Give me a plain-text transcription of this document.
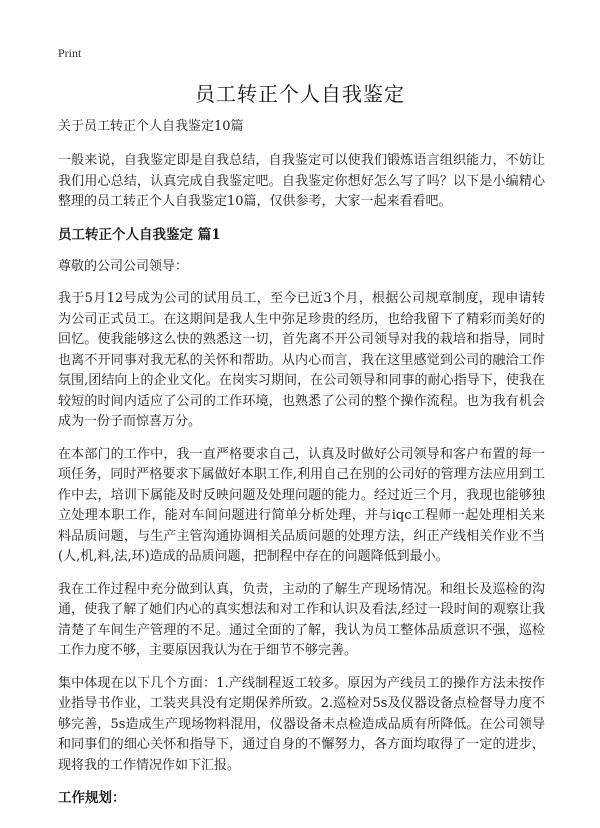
Print
员工转正个人自我鉴定
关于员工转正个人自我鉴定10篇

一般来说，自我鉴定即是自我总结，自我鉴定可以使我们锻炼语言组织能力，不妨让我们用心总结，认真完成自我鉴定吧。自我鉴定你想好怎么写了吗？以下是小编精心整理的员工转正个人自我鉴定10篇，仅供参考，大家一起来看看吧。

员工转正个人自我鉴定 篇1

尊敬的公司公司领导：

我于5月12号成为公司的试用员工，至今已近3个月，根据公司规章制度，现申请转为公司正式员工。在这期间是我人生中弥足珍贵的经历，也给我留下了精彩而美好的回忆。使我能够这么快的熟悉这一切，首先离不开公司领导对我的栽培和指导，同时也离不开同事对我无私的关怀和帮助。从内心而言，我在这里感觉到公司的融洽工作氛围,团结向上的企业文化。在岗实习期间，在公司领导和同事的耐心指导下，使我在较短的时间内适应了公司的工作环境，也熟悉了公司的整个操作流程。也为我有机会成为一份子而惊喜万分。

在本部门的工作中，我一直严格要求自己，认真及时做好公司领导和客户布置的每一项任务，同时严格要求下属做好本职工作,利用自己在别的公司好的管理方法应用到工作中去，培训下属能及时反映问题及处理问题的能力。经过近三个月，我现也能够独立处理本职工作，能对车间问题进行简单分析处理，并与iqc工程师一起处理相关来料品质问题，与生产主管沟通协调相关品质问题的处理方法，纠正产线相关作业不当(人,机,料,法,环)造成的品质问题，把制程中存在的问题降低到最小。

我在工作过程中充分做到认真，负责，主动的了解生产现场情况。和组长及巡检的沟通，使我了解了她们内心的真实想法和对工作和认识及看法,经过一段时间的观察让我清楚了车间生产管理的不足。通过全面的了解，我认为员工整体品质意识不强，巡检工作力度不够，主要原因我认为在于细节不够完善。

集中体现在以下几个方面：1.产线制程返工较多。原因为产线员工的操作方法未按作业指导书作业，工装夹具没有定期保养所致。2.巡检对5s及仪器设备点检督导力度不够完善，5s造成生产现场物料混用，仪器设备未点检造成品质有所降低。在公司领导和同事们的细心关怀和指导下，通过自身的不懈努力，各方面均取得了一定的进步，现将我的工作情况作如下汇报。

工作规划：
